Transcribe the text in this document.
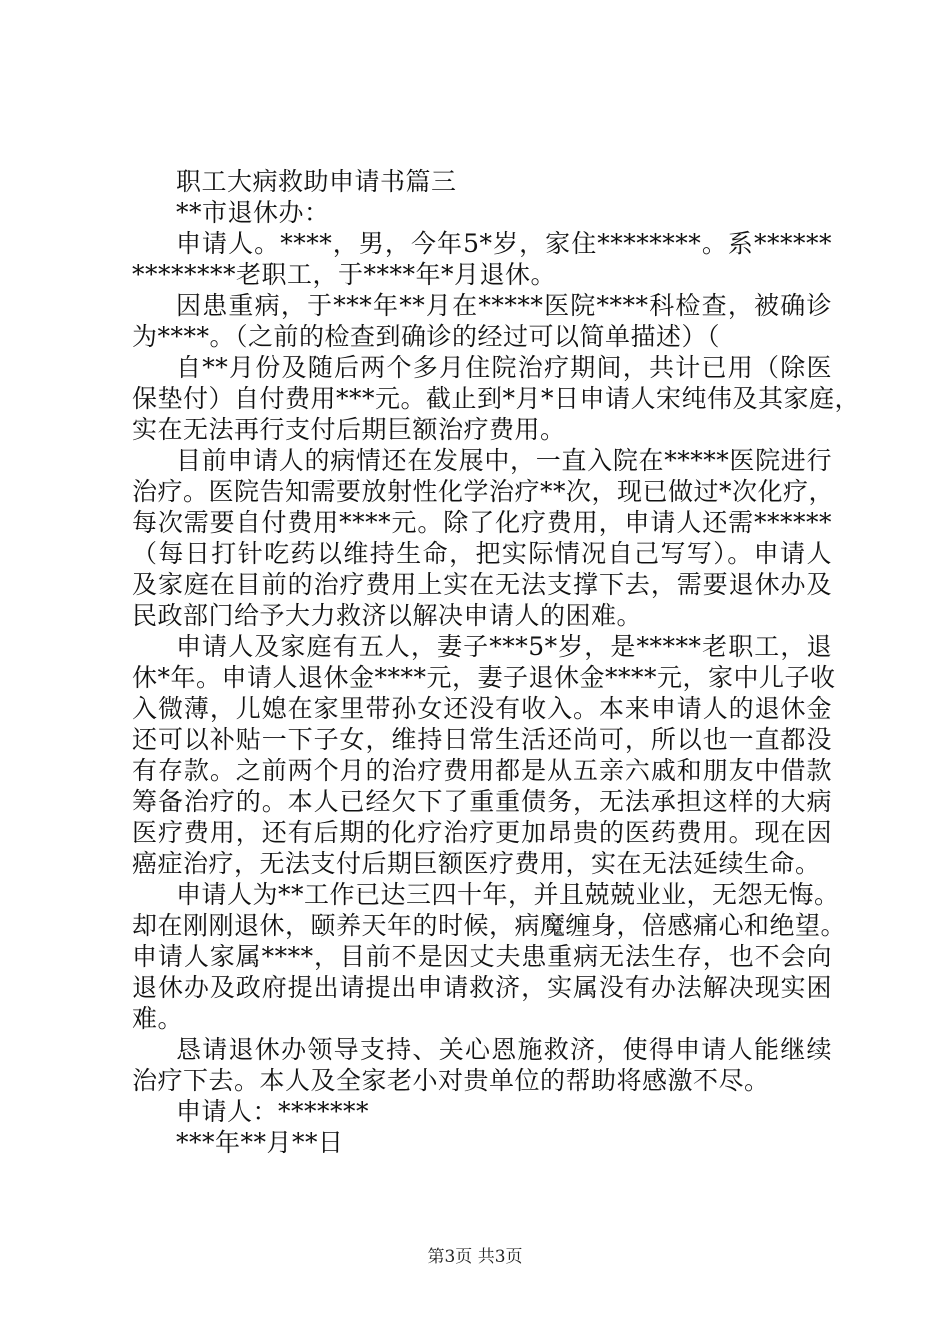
职工大病救助申请书篇三
**市退休办：
申请人。****，男，今年5*岁，家住********。系******
********老职工，于****年*月退休。
因患重病，于***年**月在*****医院****科检查，被确诊
为****。（之前的检查到确诊的经过可以简单描述）（
自**月份及随后两个多月住院治疗期间，共计已用（除医
保垫付）自付费用***元。截止到*月*日申请人宋纯伟及其家庭，
实在无法再行支付后期巨额治疗费用。
目前申请人的病情还在发展中，一直入院在*****医院进行
治疗。医院告知需要放射性化学治疗**次，现已做过*次化疗，
每次需要自付费用****元。除了化疗费用，申请人还需******
（每日打针吃药以维持生命，把实际情况自己写写）。申请人
及家庭在目前的治疗费用上实在无法支撑下去，需要退休办及
民政部门给予大力救济以解决申请人的困难。
申请人及家庭有五人，妻子***5*岁，是*****老职工，退
休*年。申请人退休金****元，妻子退休金****元，家中儿子收
入微薄，儿媳在家里带孙女还没有收入。本来申请人的退休金
还可以补贴一下子女，维持日常生活还尚可，所以也一直都没
有存款。之前两个月的治疗费用都是从五亲六戚和朋友中借款
筹备治疗的。本人已经欠下了重重债务，无法承担这样的大病
医疗费用，还有后期的化疗治疗更加昂贵的医药费用。现在因
癌症治疗，无法支付后期巨额医疗费用，实在无法延续生命。
申请人为**工作已达三四十年，并且兢兢业业，无怨无悔。
却在刚刚退休，颐养天年的时候，病魔缠身，倍感痛心和绝望。
申请人家属****，目前不是因丈夫患重病无法生存，也不会向
退休办及政府提出请提出申请救济，实属没有办法解决现实困
难。
恳请退休办领导支持、关心恩施救济，使得申请人能继续
治疗下去。本人及全家老小对贵单位的帮助将感激不尽。
申请人：*******
***年**月**日
第3页 共3页
